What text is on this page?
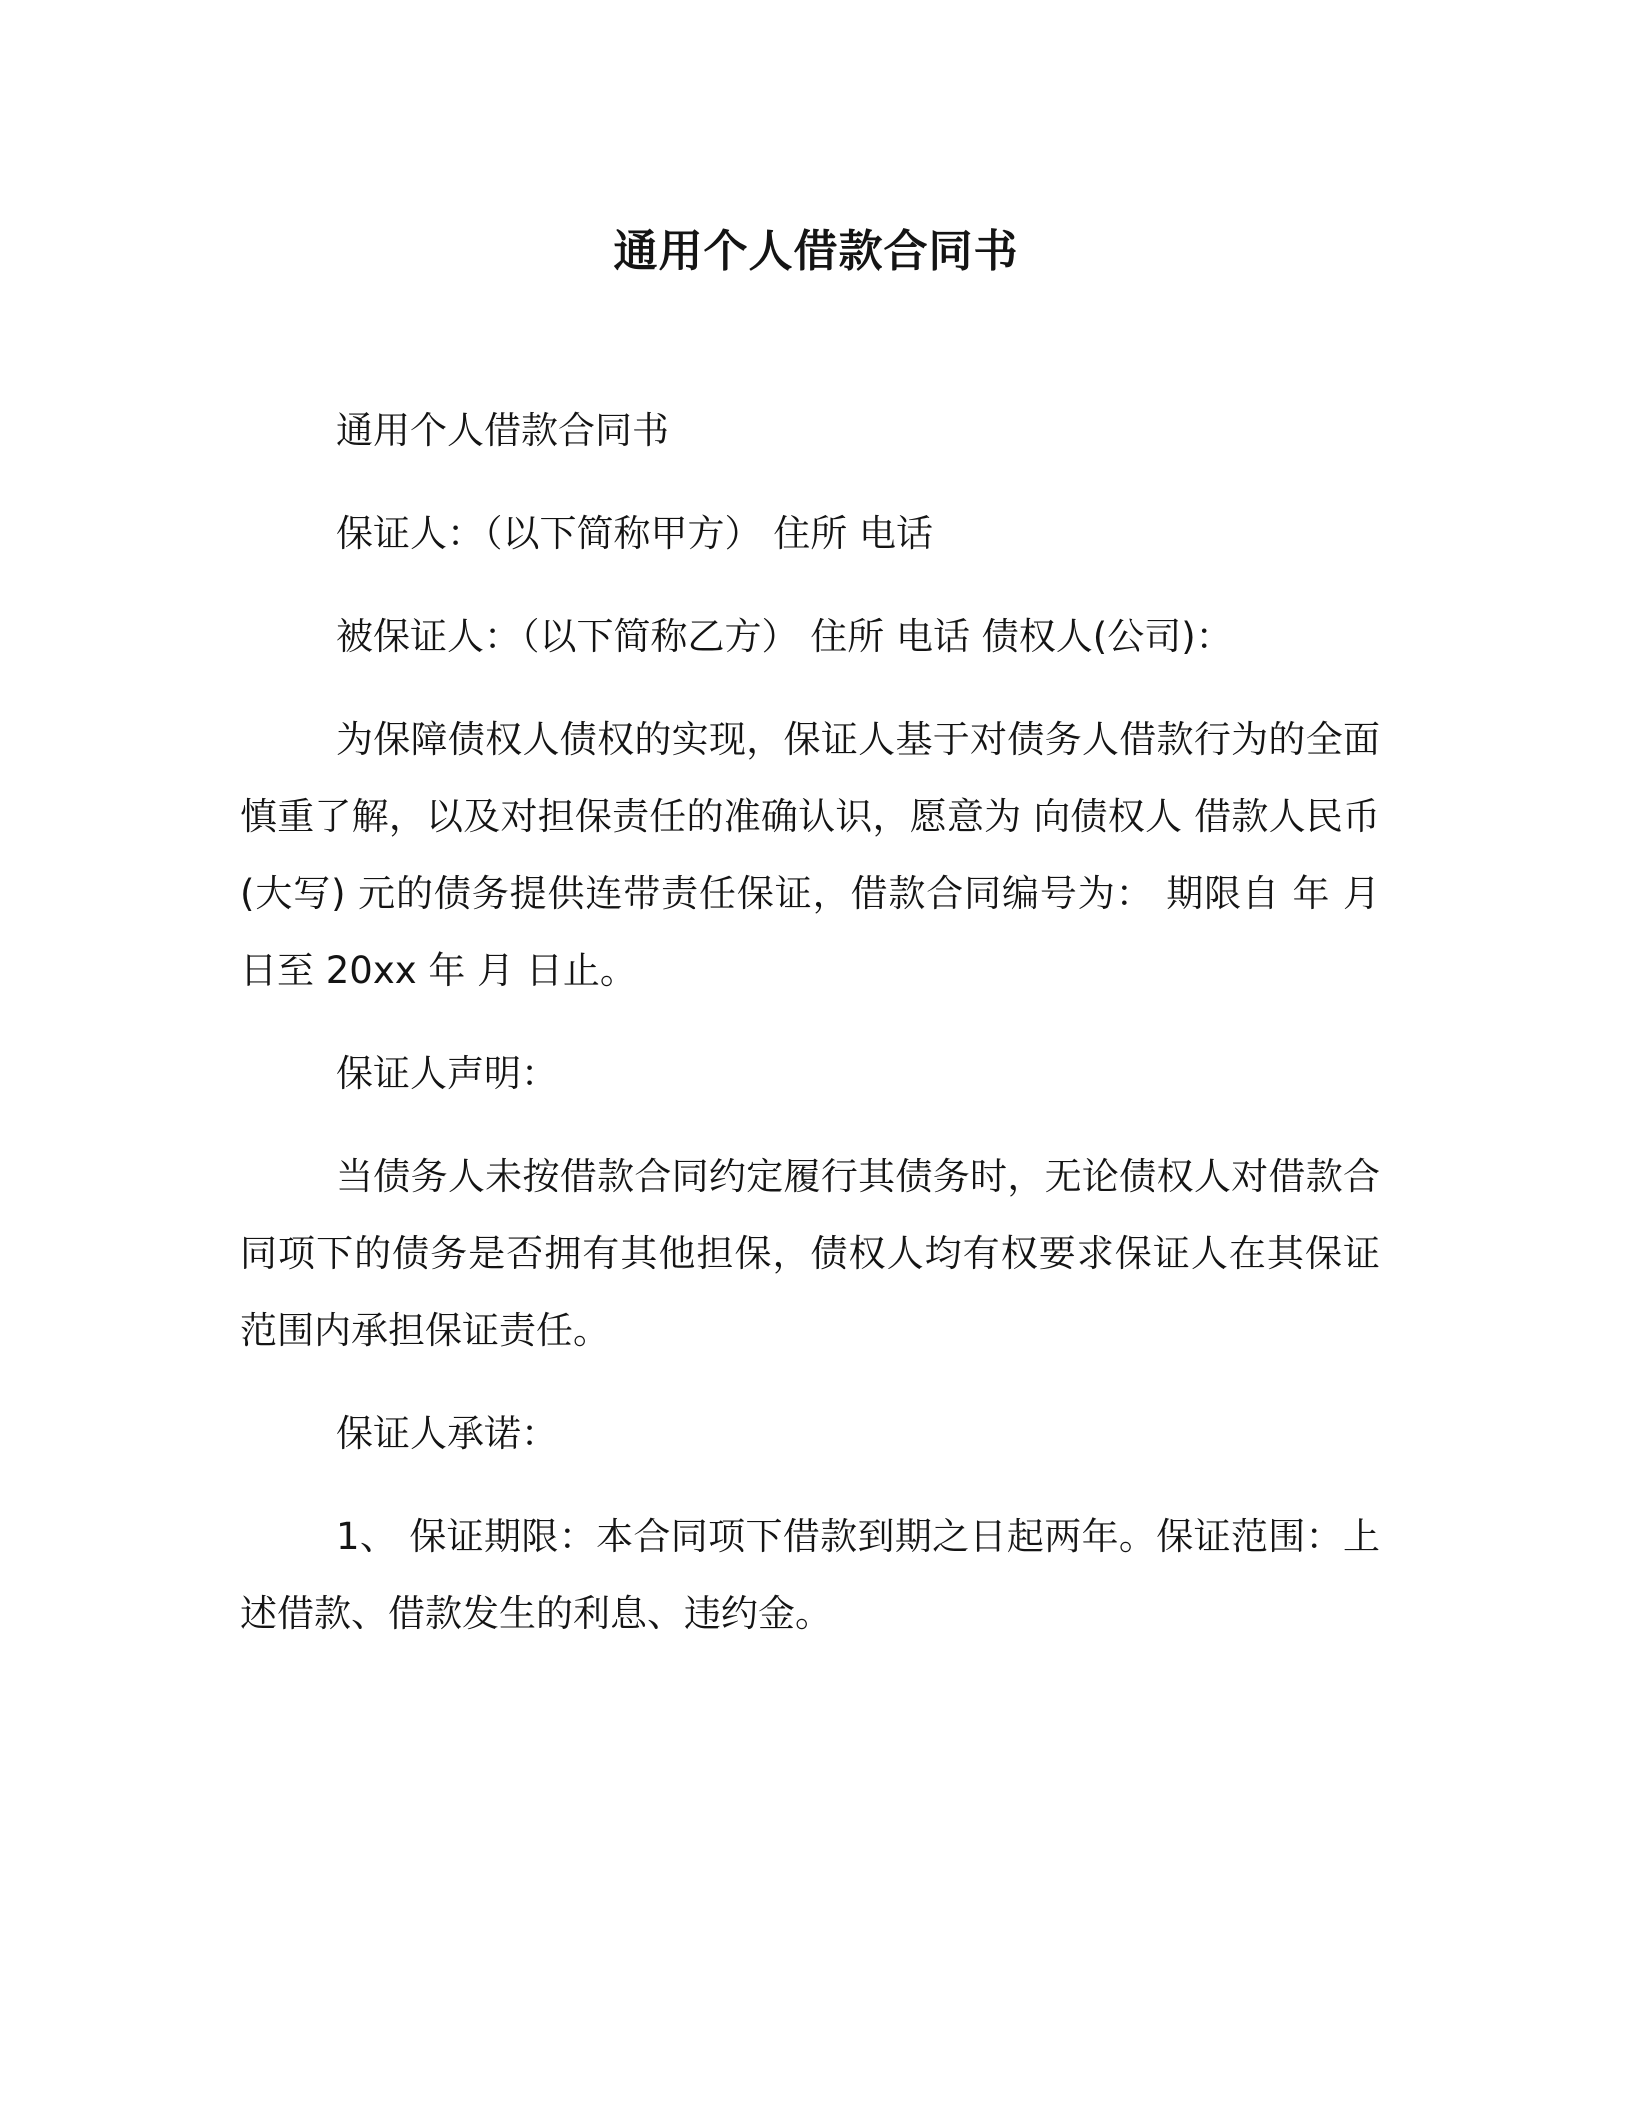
通用个人借款合同书

通用个人借款合同书

保证人：（以下简称甲方） 住所 电话

被保证人：（以下简称乙方） 住所 电话 债权人(公司)：

为保障债权人债权的实现，保证人基于对债务人借款行为的全面慎重了解，以及对担保责任的准确认识，愿意为 向债权人 借款人民币(大写) 元的债务提供连带责任保证，借款合同编号为： 期限自 年 月 日至 20xx 年 月 日止。

保证人声明：

当债务人未按借款合同约定履行其债务时，无论债权人对借款合同项下的债务是否拥有其他担保，债权人均有权要求保证人在其保证范围内承担保证责任。

保证人承诺：

1、 保证期限：本合同项下借款到期之日起两年。保证范围：上述借款、借款发生的利息、违约金。
